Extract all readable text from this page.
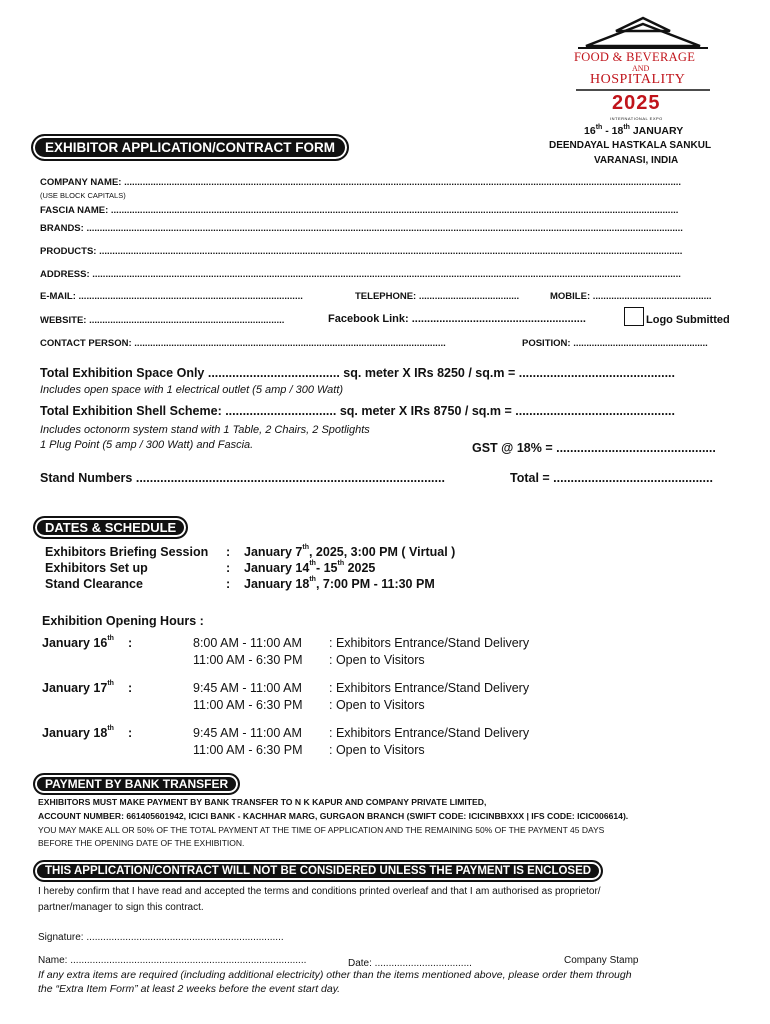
FOOD & BEVERAGE
AND
HOSPITALITY
2025
INTERNATIONAL EXPO
16th - 18th JANUARY
DEENDAYAL HASTKALA SANKUL
VARANASI, INDIA
EXHIBITOR APPLICATION/CONTRACT FORM
COMPANY NAME: ...................................................................................................................................................................................................................
(USE BLOCK CAPITALS)
FASCIA NAME: .......................................................................................................................................................................................................................
BRANDS: ..................................................................................................................................................................................................................................
PRODUCTS: .............................................................................................................................................................................................................................
ADDRESS: ...............................................................................................................................................................................................................................
E-MAIL: .....................................................................................	TELEPHONE: ......................................	MOBILE: .............................................
WEBSITE: ..........................................................................	Facebook Link: .........................................................	Logo Submitted
CONTACT PERSON: ......................................................................................................................	POSITION: ...................................................
Total Exhibition Space Only ...................................... sq. meter X IRs 8250 / sq.m = .............................................
Includes open space with 1 electrical outlet (5 amp / 300 Watt)
Total Exhibition Shell Scheme: ................................ sq. meter X IRs 8750 / sq.m = ..............................................
Includes octonorm system stand with 1 Table, 2 Chairs, 2 Spotlights
1 Plug Point (5 amp / 300 Watt) and Fascia.	GST @ 18% = ..............................................
Stand Numbers .........................................................................................	Total = ..............................................
DATES & SCHEDULE
Exhibitors Briefing Session : January 7th, 2025, 3:00 PM ( Virtual )
Exhibitors Set up	: January 14th- 15th 2025
Stand Clearance	: January 18th, 7:00 PM - 11:30 PM
Exhibition Opening Hours :
January 16th :	8:00 AM - 11:00 AM : Exhibitors Entrance/Stand Delivery
11:00 AM - 6:30 PM : Open to Visitors
January 17th :	9:45 AM - 11:00 AM : Exhibitors Entrance/Stand Delivery
11:00 AM - 6:30 PM : Open to Visitors
January 18th :	9:45 AM - 11:00 AM : Exhibitors Entrance/Stand Delivery
11:00 AM - 6:30 PM : Open to Visitors
PAYMENT BY BANK TRANSFER
EXHIBITORS MUST MAKE PAYMENT BY BANK TRANSFER TO N K KAPUR AND COMPANY PRIVATE LIMITED,
ACCOUNT NUMBER: 661405601942, ICICI BANK - KACHHAR MARG, GURGAON BRANCH (SWIFT CODE: ICICINBBXXX | IFS CODE: ICIC006614).
YOU MAY MAKE ALL OR 50% OF THE TOTAL PAYMENT AT THE TIME OF APPLICATION AND THE REMAINING 50% OF THE PAYMENT 45 DAYS
BEFORE THE OPENING DATE OF THE EXHIBITION.
THIS APPLICATION/CONTRACT WILL NOT BE CONSIDERED UNLESS THE PAYMENT IS ENCLOSED
I hereby confirm that I have read and accepted the terms and conditions printed overleaf and that I am authorised as proprietor/
partner/manager to sign this contract.
Signature: .......................................................................
Name: .....................................................................................	Date: ...................................	Company Stamp
If any extra items are required (including additional electricity) other than the items mentioned above, please order them through
the “Extra Item Form” at least 2 weeks before the event start day.
